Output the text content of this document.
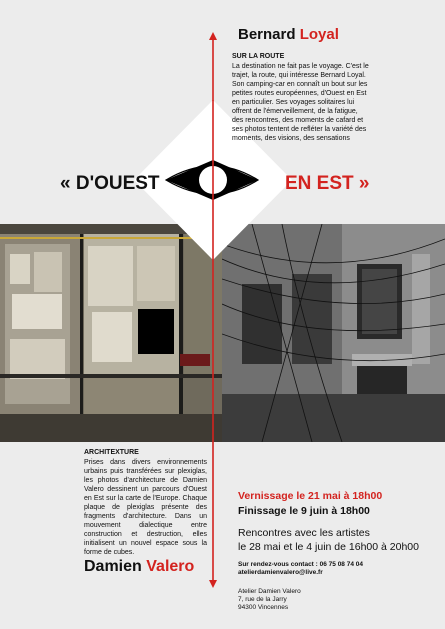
Bernard Loyal
SUR LA ROUTE
La destination ne fait pas le voyage. C'est le trajet, la route, qui intéresse Bernard Loyal. Son camping-car en connaît un bout sur les petites routes européennes, d'Ouest en Est en particulier. Ses voyages solitaires lui offrent de l'émerveillement, de la fatigue, des rencontres, des moments de cafard et ses photos tentent de refléter la variété des moments, des visions, des sensations
« D'OUEST	EN EST »
ARCHITEXTURE
Prises dans divers environnements urbains puis transférées sur plexiglas, les photos d'architecture de Damien Valero dessinent un parcours d'Ouest en Est sur la carte de l'Europe. Chaque plaque de plexiglas présente des fragments d'architecture. Dans un mouvement dialectique entre construction et destruction, elles initialisent un nouvel espace sous la forme de cubes.
Damien Valero
Vernissage le 21 mai à 18h00
Finissage le 9 juin à 18h00
Rencontres avec les artistes
le 28 mai et le 4 juin de 16h00 à 20h00
Sur rendez-vous contact : 06 75 08 74 04
atelierdamienvalero@live.fr
Atelier Damien Valero
7, rue de la Jarry
94300 Vincennes
